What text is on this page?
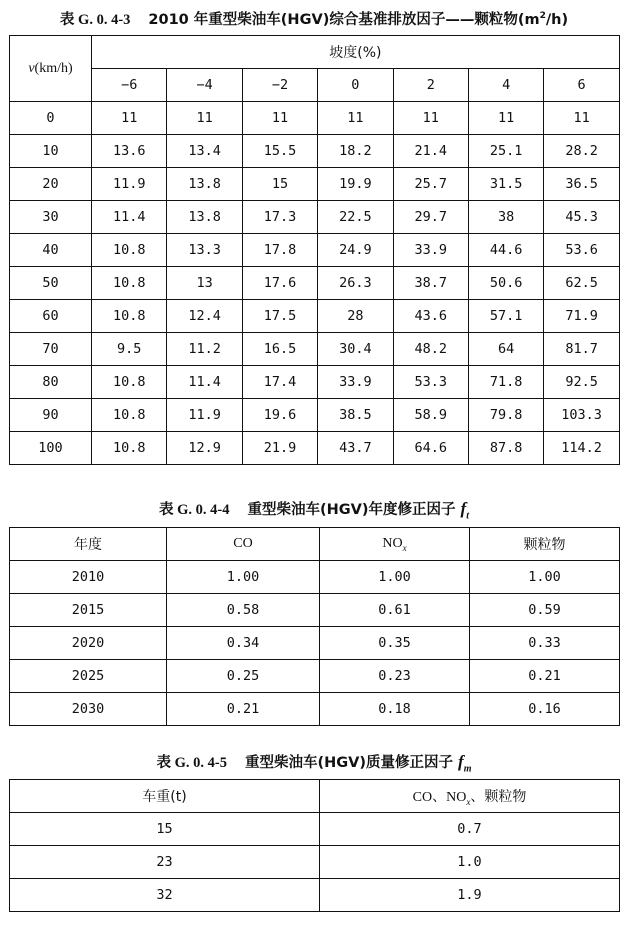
表 G. 0. 4-3 2010 年重型柴油车(HGV)综合基准排放因子——颗粒物$(m^2/h)$
v(km/h)	坡度(%)						
	−6	−4	−2	0	2	4	6
0	11	11	11	11	11	11	11
10	13.6	13.4	15.5	18.2	21.4	25.1	28.2
20	11.9	13.8	15	19.9	25.7	31.5	36.5
30	11.4	13.8	17.3	22.5	29.7	38	45.3
40	10.8	13.3	17.8	24.9	33.9	44.6	53.6
50	10.8	13	17.6	26.3	38.7	50.6	62.5
60	10.8	12.4	17.5	28	43.6	57.1	71.9
70	9.5	11.2	16.5	30.4	48.2	64	81.7
80	10.8	11.4	17.4	33.9	53.3	71.8	92.5
90	10.8	11.9	19.6	38.5	58.9	79.8	103.3
100	10.8	12.9	21.9	43.7	64.6	87.8	114.2
表 G. 0. 4-4 重型柴油车(HGV)年度修正因子 $f_t$
年度	CO	$NO_x$	颗粒物
2010	1.00	1.00	1.00
2015	0.58	0.61	0.59
2020	0.34	0.35	0.33
2025	0.25	0.23	0.21
2030	0.21	0.18	0.16
表 G. 0. 4-5 重型柴油车(HGV)质量修正因子 $f_m$
车重(t)	CO、$NO_x$、颗粒物
15	0.7
23	1.0
32	1.9
